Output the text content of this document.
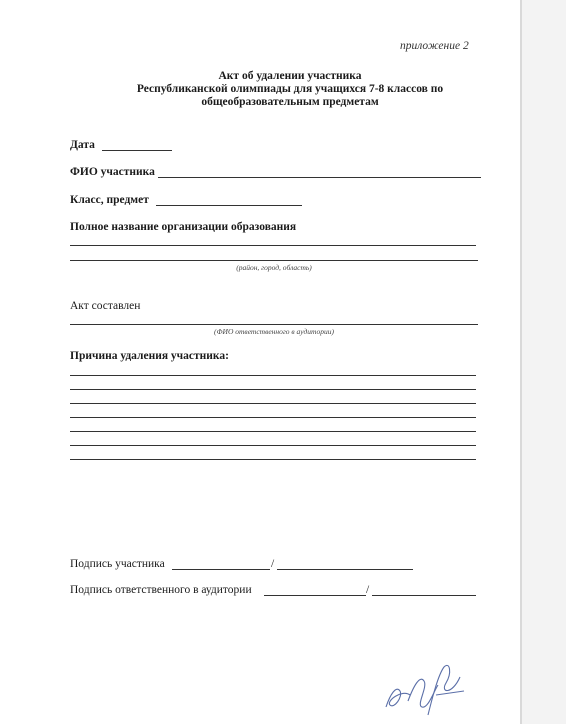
приложение 2
Акт об удалении участника
Республиканской олимпиады для учащихся 7-8 классов по
общеобразовательным предметам
Дата
ФИО участника
Класс, предмет
Полное название организации образования
(район, город, область)
Акт составлен
(ФИО ответственного в аудитории)
Причина удаления участника:
Подпись участника	/
Подпись ответственного в аудитории	/
